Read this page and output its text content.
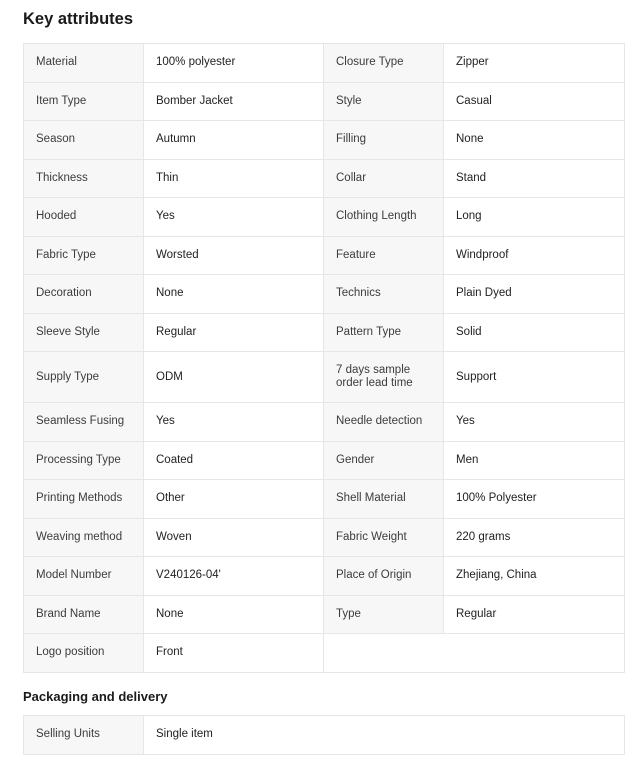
Key attributes
Material	100% polyester	Closure Type	Zipper
Item Type	Bomber Jacket	Style	Casual
Season	Autumn	Filling	None
Thickness	Thin	Collar	Stand
Hooded	Yes	Clothing Length	Long
Fabric Type	Worsted	Feature	Windproof
Decoration	None	Technics	Plain Dyed
Sleeve Style	Regular	Pattern Type	Solid
Supply Type	ODM	7 days sample order lead time	Support
Seamless Fusing	Yes	Needle detection	Yes
Processing Type	Coated	Gender	Men
Printing Methods	Other	Shell Material	100% Polyester
Weaving method	Woven	Fabric Weight	220 grams
Model Number	V240126-04'	Place of Origin	Zhejiang, China
Brand Name	None	Type	Regular
Logo position	Front		
Packaging and delivery
Selling Units	Single item
